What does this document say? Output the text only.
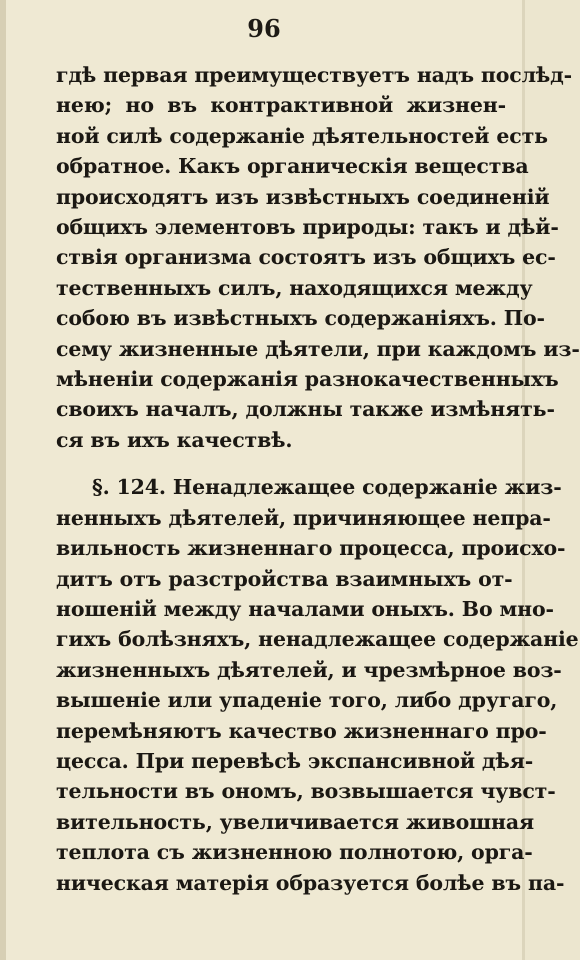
96
гдѣ первая преимуществуетъ надъ послѣд-
нею; но въ контрактивной жизнен-
ной силѣ содержаніе дѣятельностей есть
обратное. Какъ органическія вещества
происходятъ изъ извѣстныхъ соединеній
общихъ элементовъ природы: такъ и дѣй-
ствія организма состоятъ изъ общихъ ес-
тественныхъ силъ, находящихся между
собою въ извѣстныхъ содержаніяхъ. По-
сему жизненные дѣятели, при каждомъ из-
мѣненіи содержанія разнокачественныхъ
своихъ началъ, должны также измѣнять-
ся въ ихъ качествѣ.
§. 124. Ненадлежащее содержаніе жиз-
ненныхъ дѣятелей, причиняющее непра-
вильность жизненнаго процесса, происхо-
дитъ отъ разстройства взаимныхъ от-
ношеній между началами оныхъ. Во мно-
гихъ болѣзняхъ, ненадлежащее содержаніе
жизненныхъ дѣятелей, и чрезмѣрное воз-
вышеніе или упаденіе того, либо другаго,
перемѣняютъ качество жизненнаго про-
цесса. При перевѣсѣ экспансивной дѣя-
тельности въ ономъ, возвышается чувст-
вительность, увеличивается живошная
теплота съ жизненною полнотою, орга-
ническая матерія образуется болѣе въ па-
